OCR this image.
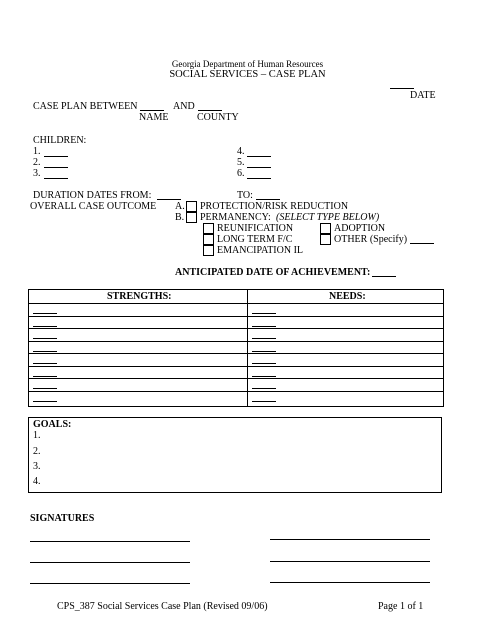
Georgia Department of Human Resources
SOCIAL SERVICES – CASE PLAN
DATE
CASE PLAN BETWEEN	AND
NAME	COUNTY
CHILDREN:
1.
2.
3.
4.
5.
6.
DURATION DATES FROM:	TO:
OVERALL CASE OUTCOME A. PROTECTION/RISK REDUCTION
B. PERMANENCY: (SELECT TYPE BELOW)
REUNIFICATION	ADOPTION
LONG TERM F/C	OTHER (Specify)
EMANCIPATION IL
ANTICIPATED DATE OF ACHIEVEMENT:
STRENGTHS:	NEEDS:
GOALS:
1.
2.
3.
4.
SIGNATURES
CPS_387 Social Services Case Plan (Revised 09/06)	Page 1 of 1
